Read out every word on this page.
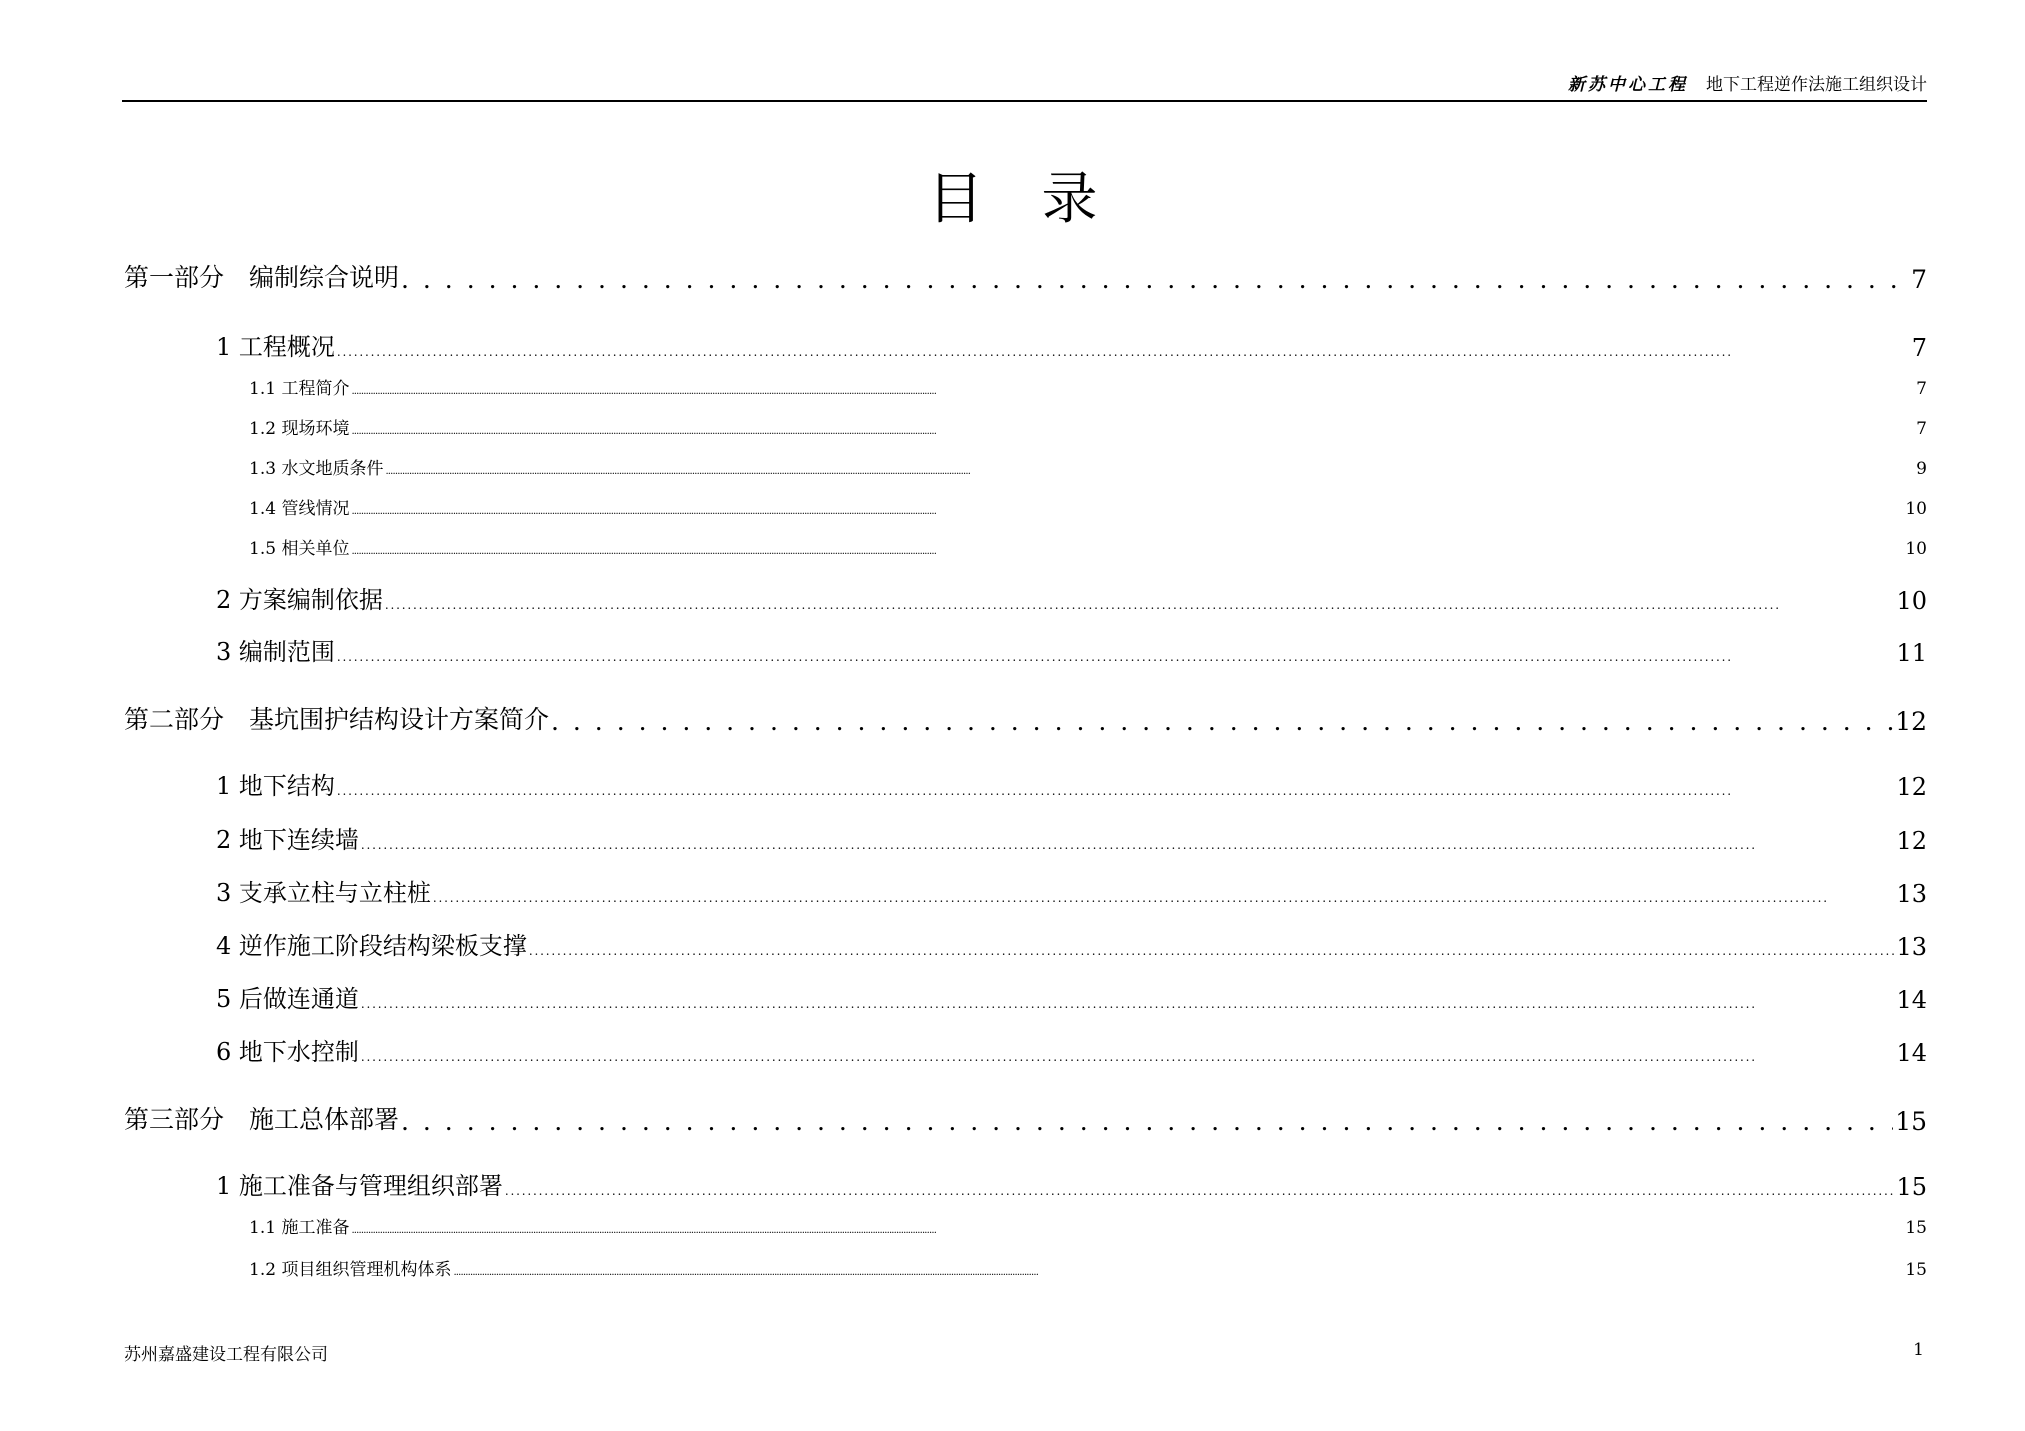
新苏中心工程 地下工程逆作法施工组织设计
目录
第一部分　编制综合说明 . . .	7
1 工程概况 . . .	7
1.1 工程简介 . . .	7
1.2 现场环境 . . .	7
1.3 水文地质条件 . . .	9
1.4 管线情况 . . .	10
1.5 相关单位 . . .	10
2 方案编制依据 . . .	10
3 编制范围 . . .	11
第二部分　基坑围护结构设计方案简介 . . .	12
1 地下结构 . . .	12
2 地下连续墙 . . .	12
3 支承立柱与立柱桩 . . .	13
4 逆作施工阶段结构梁板支撑 . . .	13
5 后做连通道 . . .	14
6 地下水控制 . . .	14
第三部分　施工总体部署 . . .	15
1 施工准备与管理组织部署 . . .	15
1.1 施工准备 . . .	15
1.2 项目组织管理机构体系 . . .	15
苏州嘉盛建设工程有限公司	1
